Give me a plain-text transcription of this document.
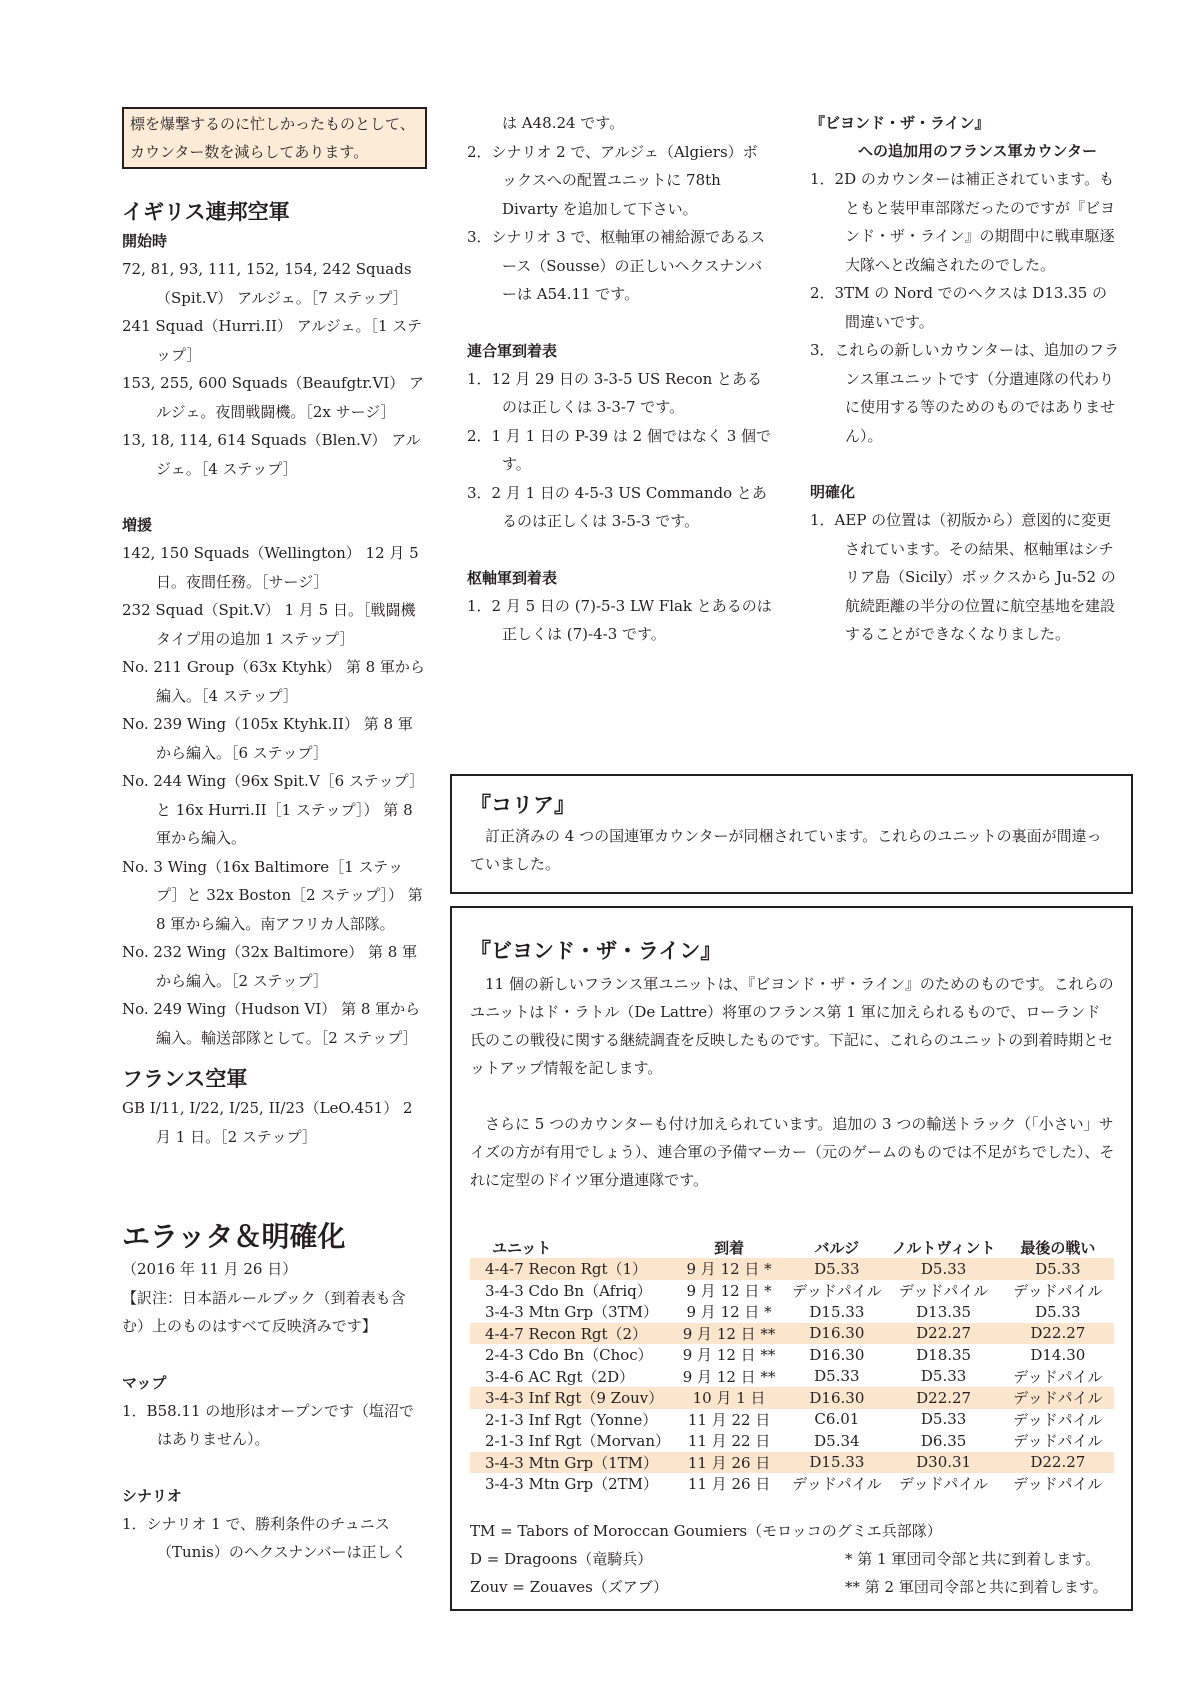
標を爆撃するのに忙しかったものとして、カウンター数を減らしてあります。

イギリス連邦空軍

開始時

72, 81, 93, 111, 152, 154, 242 Squads（Spit.V） アルジェ。［7 ステップ］

241 Squad（Hurri.II） アルジェ。［1 ステップ］

153, 255, 600 Squads（Beaufgtr.VI） アルジェ。夜間戦闘機。［2x サージ］

13, 18, 114, 614 Squads（Blen.V） アルジェ。［4 ステップ］

増援

142, 150 Squads（Wellington） 12 月 5 日。夜間任務。［サージ］

232 Squad（Spit.V） 1 月 5 日。［戦闘機タイプ用の追加 1 ステップ］

No. 211 Group（63x Ktyhk） 第 8 軍から編入。［4 ステップ］

No. 239 Wing（105x Ktyhk.II） 第 8 軍から編入。［6 ステップ］

No. 244 Wing（96x Spit.V［6 ステップ］と 16x Hurri.II［1 ステップ］） 第 8 軍から編入。

No. 3 Wing（16x Baltimore［1 ステップ］と 32x Boston［2 ステップ］） 第 8 軍から編入。南アフリカ人部隊。

No. 232 Wing（32x Baltimore） 第 8 軍から編入。［2 ステップ］

No. 249 Wing（Hudson VI） 第 8 軍から編入。輸送部隊として。［2 ステップ］

フランス空軍

GB I/11, I/22, I/25, II/23（LeO.451） 2 月 1 日。［2 ステップ］

エラッタ＆明確化

（2016 年 11 月 26 日）

【訳注：日本語ルールブック（到着表も含む）上のものはすべて反映済みです】

マップ

1．B58.11 の地形はオープンです（塩沼ではありません）。

シナリオ

1．シナリオ 1 で、勝利条件のチュニス（Tunis）のヘクスナンバーは正しく

は A48.24 です。

2．シナリオ 2 で、アルジェ（Algiers）ボックスへの配置ユニットに 78th Divarty を追加して下さい。

3．シナリオ 3 で、枢軸軍の補給源であるスース（Sousse）の正しいヘクスナンバーは A54.11 です。

連合軍到着表

1．12 月 29 日の 3-3-5 US Recon とあるのは正しくは 3-3-7 です。

2．1 月 1 日の P-39 は 2 個ではなく 3 個です。

3．2 月 1 日の 4-5-3 US Commando とあるのは正しくは 3-5-3 です。

枢軸軍到着表

1．2 月 5 日の (7)-5-3 LW Flak とあるのは正しくは (7)-4-3 です。

『ビヨンド・ザ・ライン』

への追加用のフランス軍カウンター

1．2D のカウンターは補正されています。もともと装甲車部隊だったのですが『ビヨンド・ザ・ライン』の期間中に戦車駆逐大隊へと改編されたのでした。

2．3TM の Nord でのヘクスは D13.35 の間違いです。

3．これらの新しいカウンターは、追加のフランス軍ユニットです（分遣連隊の代わりに使用する等のためのものではありません）。

明確化

1．AEP の位置は（初版から）意図的に変更されています。その結果、枢軸軍はシチリア島（Sicily）ボックスから Ju-52 の航続距離の半分の位置に航空基地を建設することができなくなりました。

『コリア』

訂正済みの 4 つの国連軍カウンターが同梱されています。これらのユニットの裏面が間違っていました。

『ビヨンド・ザ・ライン』

11 個の新しいフランス軍ユニットは、『ビヨンド・ザ・ライン』のためのものです。これらのユニットはド・ラトル（De Lattre）将軍のフランス第 1 軍に加えられるもので、ローランド氏のこの戦役に関する継続調査を反映したものです。下記に、これらのユニットの到着時期とセットアップ情報を記します。

さらに 5 つのカウンターも付け加えられています。追加の 3 つの輸送トラック（「小さい」サイズの方が有用でしょう）、連合軍の予備マーカー（元のゲームのものでは不足がちでした）、それに定型のドイツ軍分遣連隊です。

ユニット	到着	バルジ	ノルトヴィント	最後の戦い
4-4-7 Recon Rgt（1）	9 月 12 日 *	D5.33	D5.33	D5.33
3-4-3 Cdo Bn（Afriq）	9 月 12 日 *	デッドパイル	デッドパイル	デッドパイル
3-4-3 Mtn Grp（3TM）	9 月 12 日 *	D15.33	D13.35	D5.33
4-4-7 Recon Rgt（2）	9 月 12 日 **	D16.30	D22.27	D22.27
2-4-3 Cdo Bn（Choc）	9 月 12 日 **	D16.30	D18.35	D14.30
3-4-6 AC Rgt（2D）	9 月 12 日 **	D5.33	D5.33	デッドパイル
3-4-3 Inf Rgt（9 Zouv）	10 月 1 日	D16.30	D22.27	デッドパイル
2-1-3 Inf Rgt（Yonne）	11 月 22 日	C6.01	D5.33	デッドパイル
2-1-3 Inf Rgt（Morvan）	11 月 22 日	D5.34	D6.35	デッドパイル
3-4-3 Mtn Grp（1TM）	11 月 26 日	D15.33	D30.31	D22.27
3-4-3 Mtn Grp（2TM）	11 月 26 日	デッドパイル	デッドパイル	デッドパイル

TM = Tabors of Moroccan Goumiers（モロッコのグミエ兵部隊）

D = Dragoons（竜騎兵）	* 第 1 軍団司令部と共に到着します。
Zouv = Zouaves（ズアブ）	** 第 2 軍団司令部と共に到着します。
